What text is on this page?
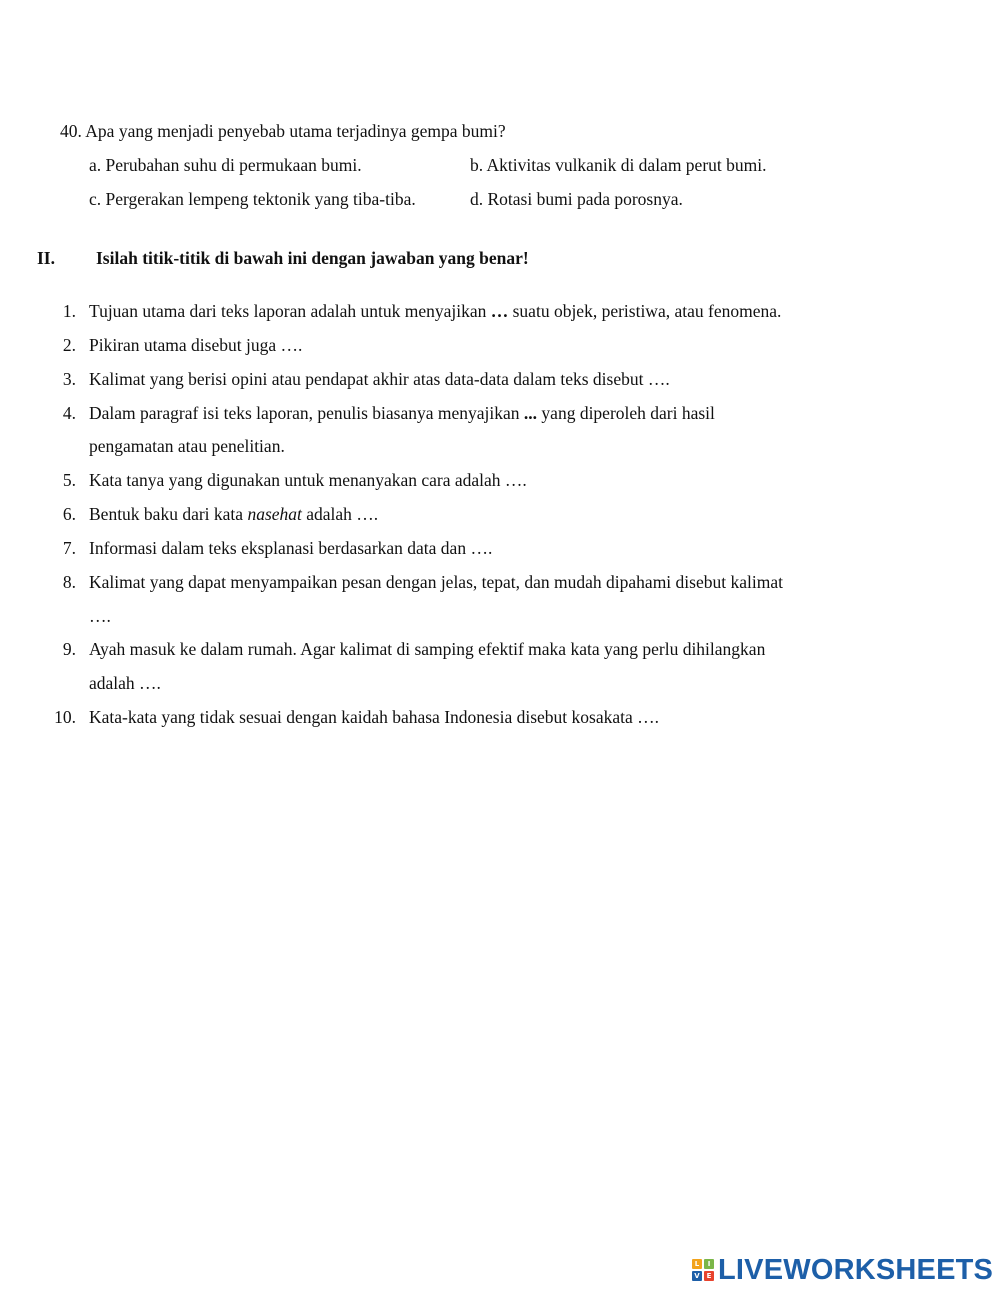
40. Apa yang menjadi penyebab utama terjadinya gempa bumi?
a. Perubahan suhu di permukaan bumi.	b. Aktivitas vulkanik di dalam perut bumi.
c. Pergerakan lempeng tektonik yang tiba-tiba.	d. Rotasi bumi pada porosnya.
II. Isilah titik-titik di bawah ini dengan jawaban yang benar!
1. Tujuan utama dari teks laporan adalah untuk menyajikan … suatu objek, peristiwa, atau fenomena.
2. Pikiran utama disebut juga ….
3. Kalimat yang berisi opini atau pendapat akhir atas data-data dalam teks disebut ….
4. Dalam paragraf isi teks laporan, penulis biasanya menyajikan ... yang diperoleh dari hasil
pengamatan atau penelitian.
5. Kata tanya yang digunakan untuk menanyakan cara adalah ….
6. Bentuk baku dari kata nasehat adalah ….
7. Informasi dalam teks eksplanasi berdasarkan data dan ….
8. Kalimat yang dapat menyampaikan pesan dengan jelas, tepat, dan mudah dipahami disebut kalimat
….
9. Ayah masuk ke dalam rumah. Agar kalimat di samping efektif maka kata yang perlu dihilangkan
adalah ….
10. Kata-kata yang tidak sesuai dengan kaidah bahasa Indonesia disebut kosakata ….
L	I
V E LIVEWORKSHEETS
